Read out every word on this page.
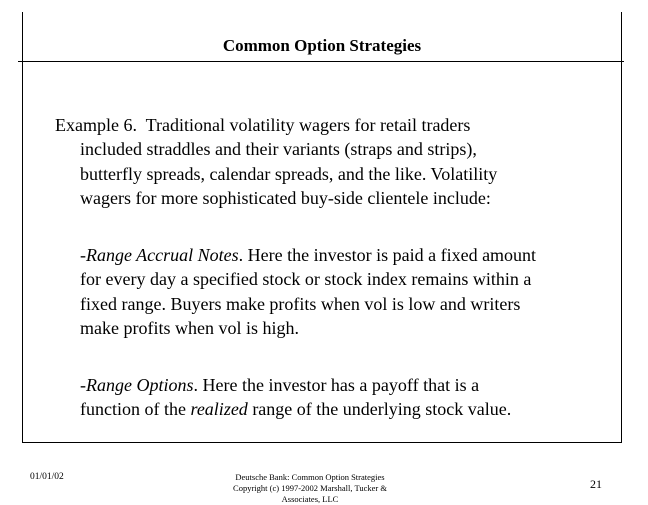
Common Option Strategies
Example 6. Traditional volatility wagers for retail traders
included straddles and their variants (straps and strips),
butterfly spreads, calendar spreads, and the like. Volatility
wagers for more sophisticated buy-side clientele include:
-Range Accrual Notes. Here the investor is paid a fixed amount
for every day a specified stock or stock index remains within a
fixed range. Buyers make profits when vol is low and writers
make profits when vol is high.
-Range Options. Here the investor has a payoff that is a
function of the realized range of the underlying stock value.
01/01/02	Deutsche Bank: Common Option Strategies
Copyright (c) 1997-2002 Marshall, Tucker &
Associates, LLC
21
